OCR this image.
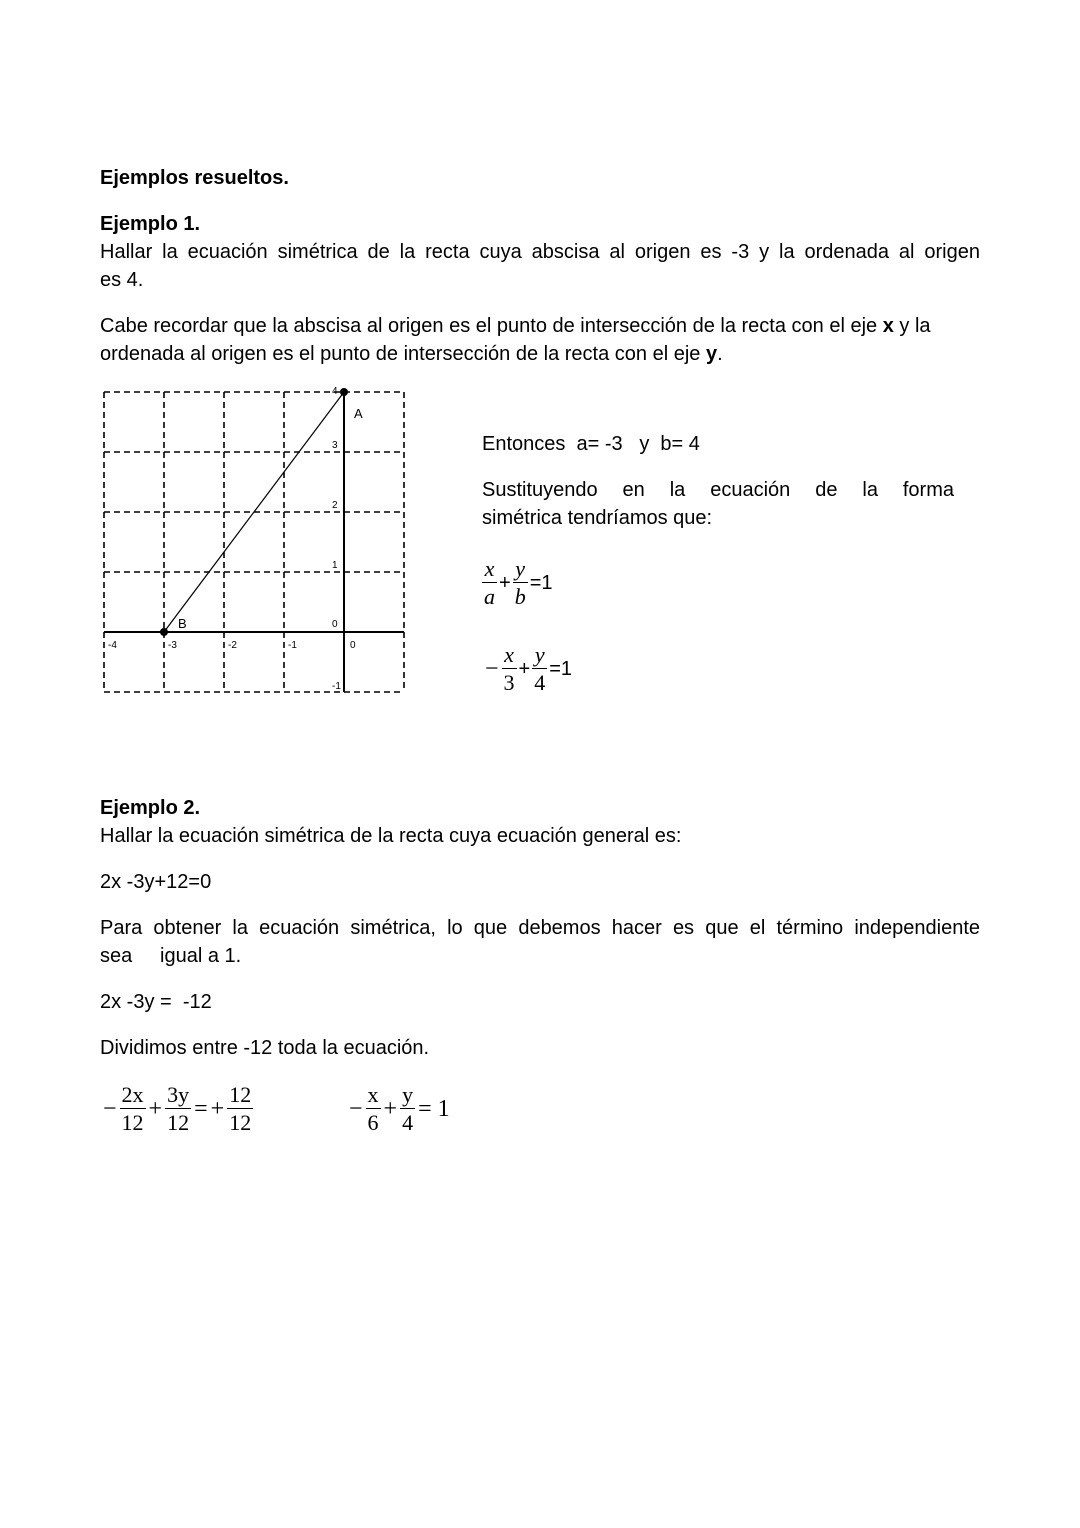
Ejemplos resueltos.

Ejemplo 1.

Hallar la ecuación simétrica de la recta cuya abscisa al origen es -3 y la ordenada al origen

es 4.

Cabe recordar que la abscisa al origen es el punto de intersección de la recta con el eje x y la

ordenada al origen es el punto de intersección de la recta con el eje y.

-4	-3	-2	-1	0
4
3
2
1
0
-1
A
B

Entonces  a= -3   y  b= 4

Sustituyendo en la ecuación de la forma

simétrica tendríamos que:

$\frac{x}{a} + \frac{y}{b} =1$
− $\frac{x}{3} + \frac{y}{4} =1$

Ejemplo 2.

Hallar la ecuación simétrica de la recta cuya ecuación general es:

2x -3y+12=0

Para obtener la ecuación simétrica, lo que debemos hacer es que el término independiente

sea     igual a 1.

2x -3y =  -12

Dividimos entre -12 toda la ecuación.

− $\frac{2x}{12} + \frac{3y}{12}$ = + $\frac{12}{12}$	− $\frac{x}{6} + \frac{y}{4} = 1$
